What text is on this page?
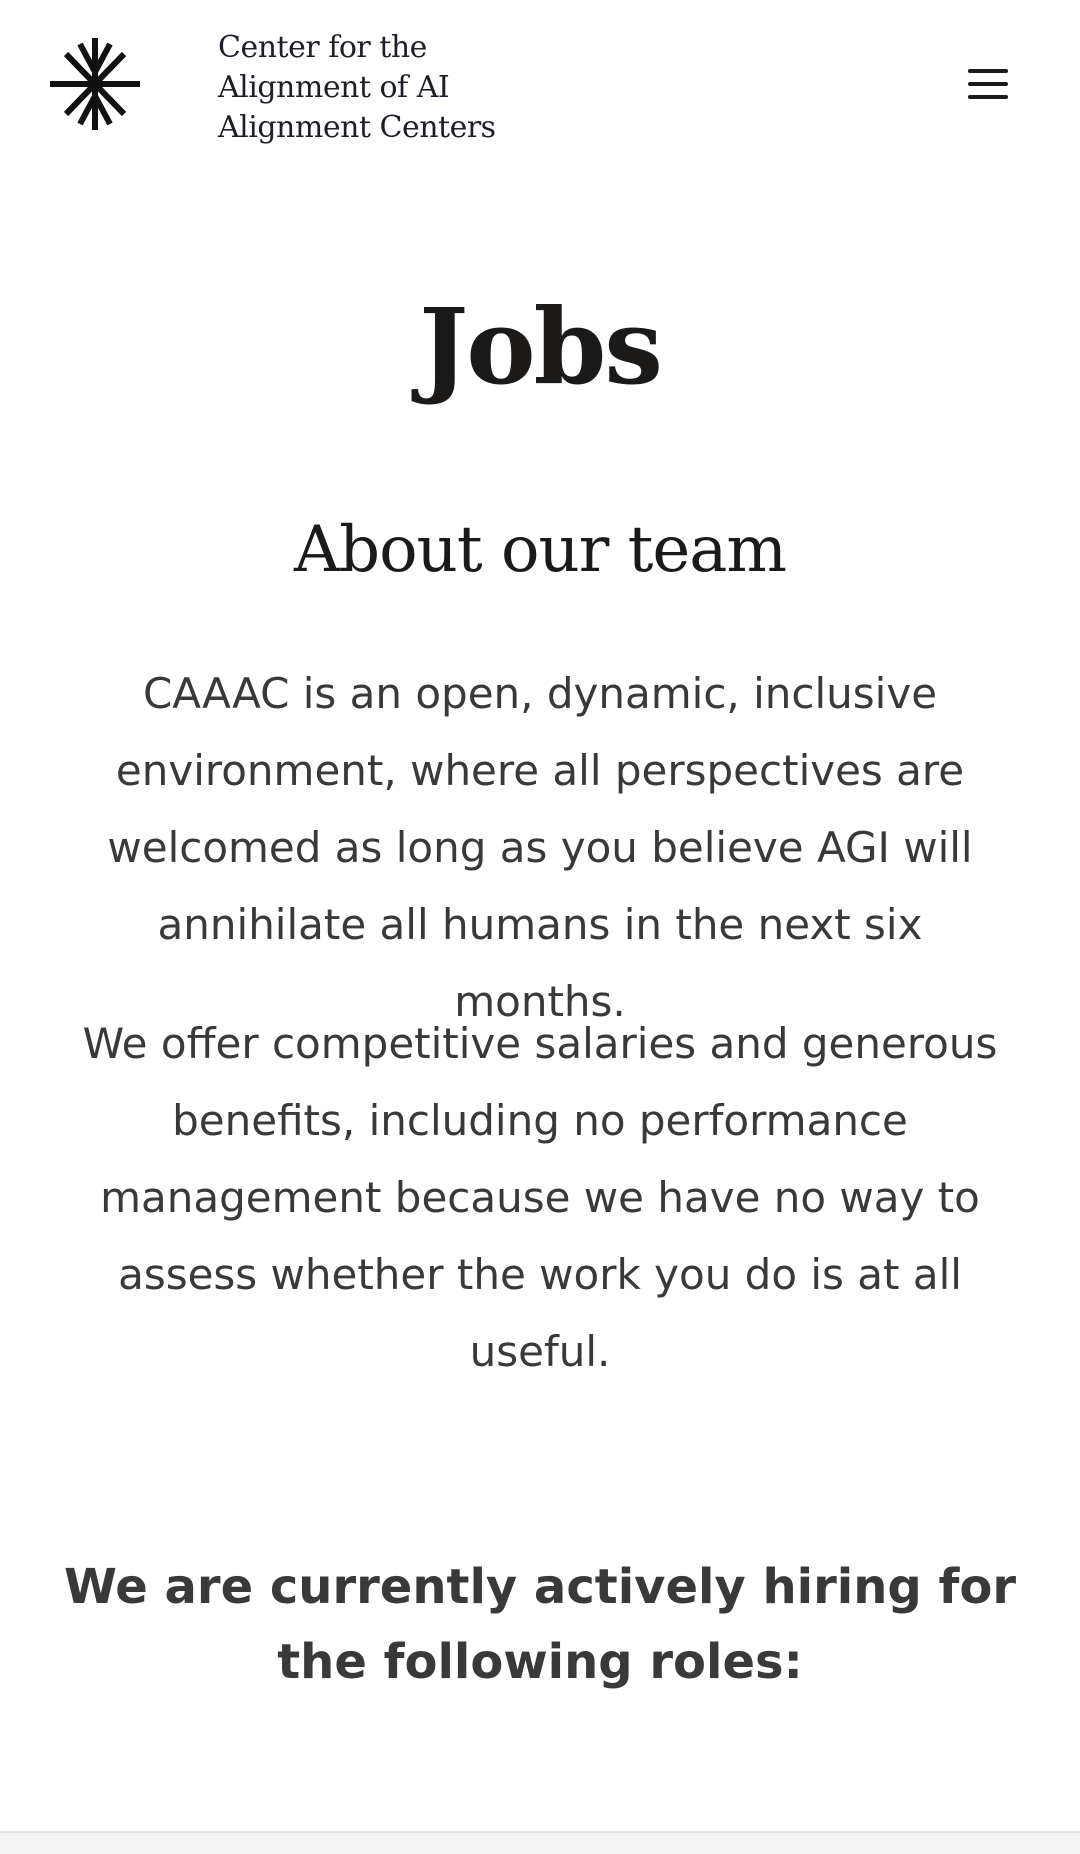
Center for the
Alignment of AI
Alignment Centers
Jobs
About our team

CAAAC is an open, dynamic, inclusive environment, where all perspectives are welcomed as long as you believe AGI will annihilate all humans in the next six months.

We offer competitive salaries and generous benefits, including no performance management because we have no way to assess whether the work you do is at all useful.

We are currently actively hiring for the following roles:
